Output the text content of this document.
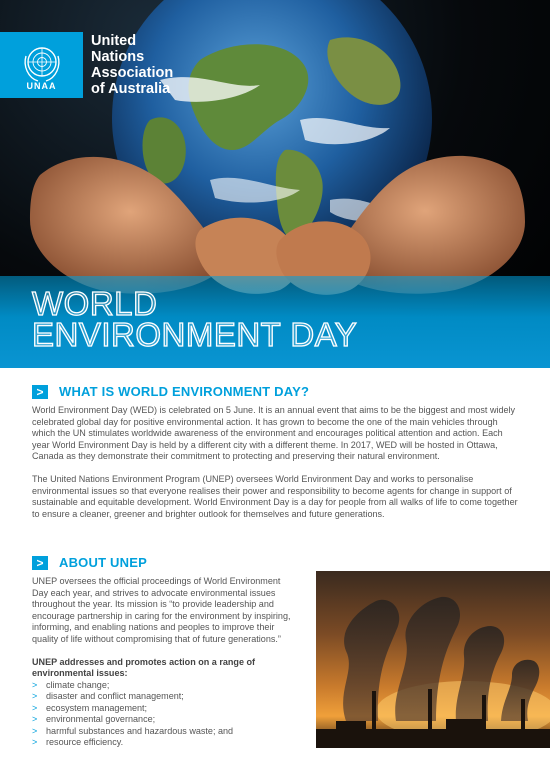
UNAA
United
Nations
Association
of Australia
WORLD
ENVIRONMENT DAY
>	WHAT IS WORLD ENVIRONMENT DAY?

World Environment Day (WED) is celebrated on 5 June. It is an annual event that aims to be the biggest and most widely celebrated global day for positive environmental action. It has grown to become the one of the main vehicles through which the UN stimulates worldwide awareness of the environment and encourages political attention and action. Each year World Environment Day is held by a different city with a different theme. In 2017, WED will be hosted in Ottawa, Canada as they demonstrate their commitment to protecting and preserving their natural environment.

The United Nations Environment Program (UNEP) oversees World Environment Day and works to personalise environmental issues so that everyone realises their power and responsibility to become agents for change in support of sustainable and equitable development. World Environment Day is a day for people from all walks of life to come together to ensure a cleaner, greener and brighter outlook for themselves and future generations.

>	ABOUT UNEP

UNEP oversees the official proceedings of World Environment Day each year, and strives to advocate environmental issues throughout the year. Its mission is “to provide leadership and encourage partnership in caring for the environment by inspiring, informing, and enabling nations and peoples to improve their quality of life without compromising that of future generations.”

UNEP addresses and promotes action on a range of environmental issues:
> climate change;
> disaster and conflict management;
> ecosystem management;
> environmental governance;
> harmful substances and hazardous waste; and
> resource efficiency.
